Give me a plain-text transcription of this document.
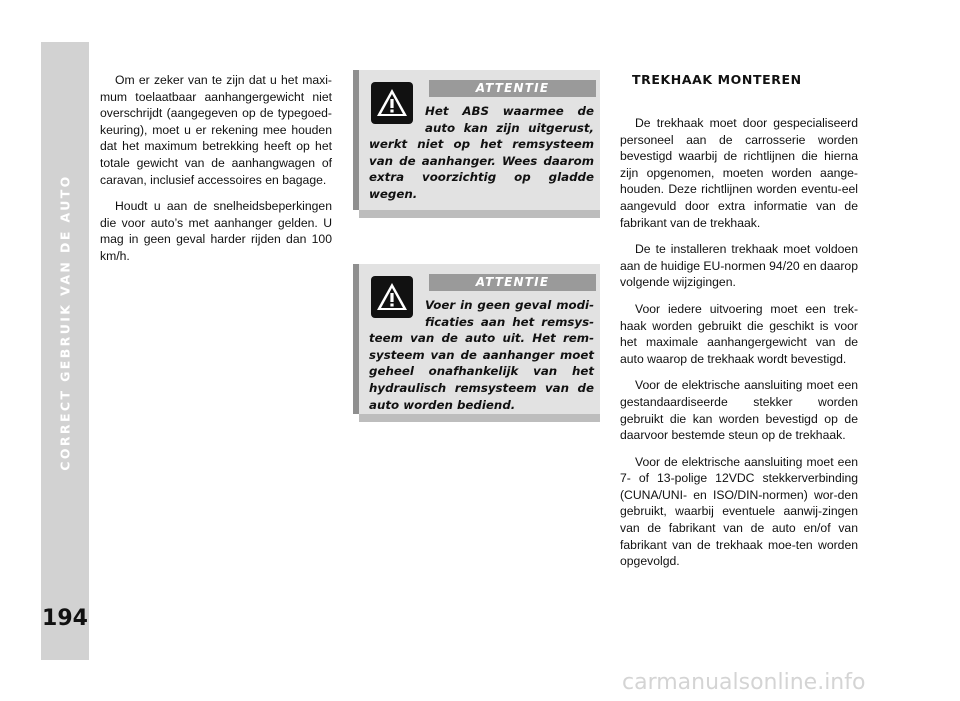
CORRECT GEBRUIK VAN DE AUTO
194

Om er zeker van te zijn dat u het maxi-mum toelaatbaar aanhangergewicht niet overschrijdt (aangegeven op de typegoed-keuring), moet u er rekening mee houden dat het maximum betrekking heeft op het totale gewicht van de aanhangwagen of caravan, inclusief accessoires en bagage.

Houdt u aan de snelheidsbeperkingen die voor auto’s met aanhanger gelden. U mag in geen geval harder rijden dan 100 km/h.

ATTENTIE
Het ABS waarmee de auto kan zijn uitgerust, werkt niet op het remsysteem van de aanhanger. Wees daarom extra voorzichtig op gladde wegen.
ATTENTIE
Voer in geen geval modi-ficaties aan het remsys-teem van de auto uit. Het rem-systeem van de aanhanger moet geheel onafhankelijk van het hydraulisch remsysteem van de auto worden bediend.
TREKHAAK MONTEREN

De trekhaak moet door gespecialiseerd personeel aan de carrosserie worden bevestigd waarbij de richtlijnen die hierna zijn opgenomen, moeten worden aange-houden. Deze richtlijnen worden eventu-eel aangevuld door extra informatie van de fabrikant van de trekhaak.

De te installeren trekhaak moet voldoen aan de huidige EU-normen 94/20 en daarop volgende wijzigingen.

Voor iedere uitvoering moet een trek-haak worden gebruikt die geschikt is voor het maximale aanhangergewicht van de auto waarop de trekhaak wordt bevestigd.

Voor de elektrische aansluiting moet een gestandaardiseerde stekker worden gebruikt die kan worden bevestigd op de daarvoor bestemde steun op de trekhaak.

Voor de elektrische aansluiting moet een 7- of 13-polige 12VDC stekkerverbinding (CUNA/UNI- en ISO/DIN-normen) wor-den gebruikt, waarbij eventuele aanwij-zingen van de fabrikant van de auto en/of van fabrikant van de trekhaak moe-ten worden opgevolgd.

carmanualsonline.info
